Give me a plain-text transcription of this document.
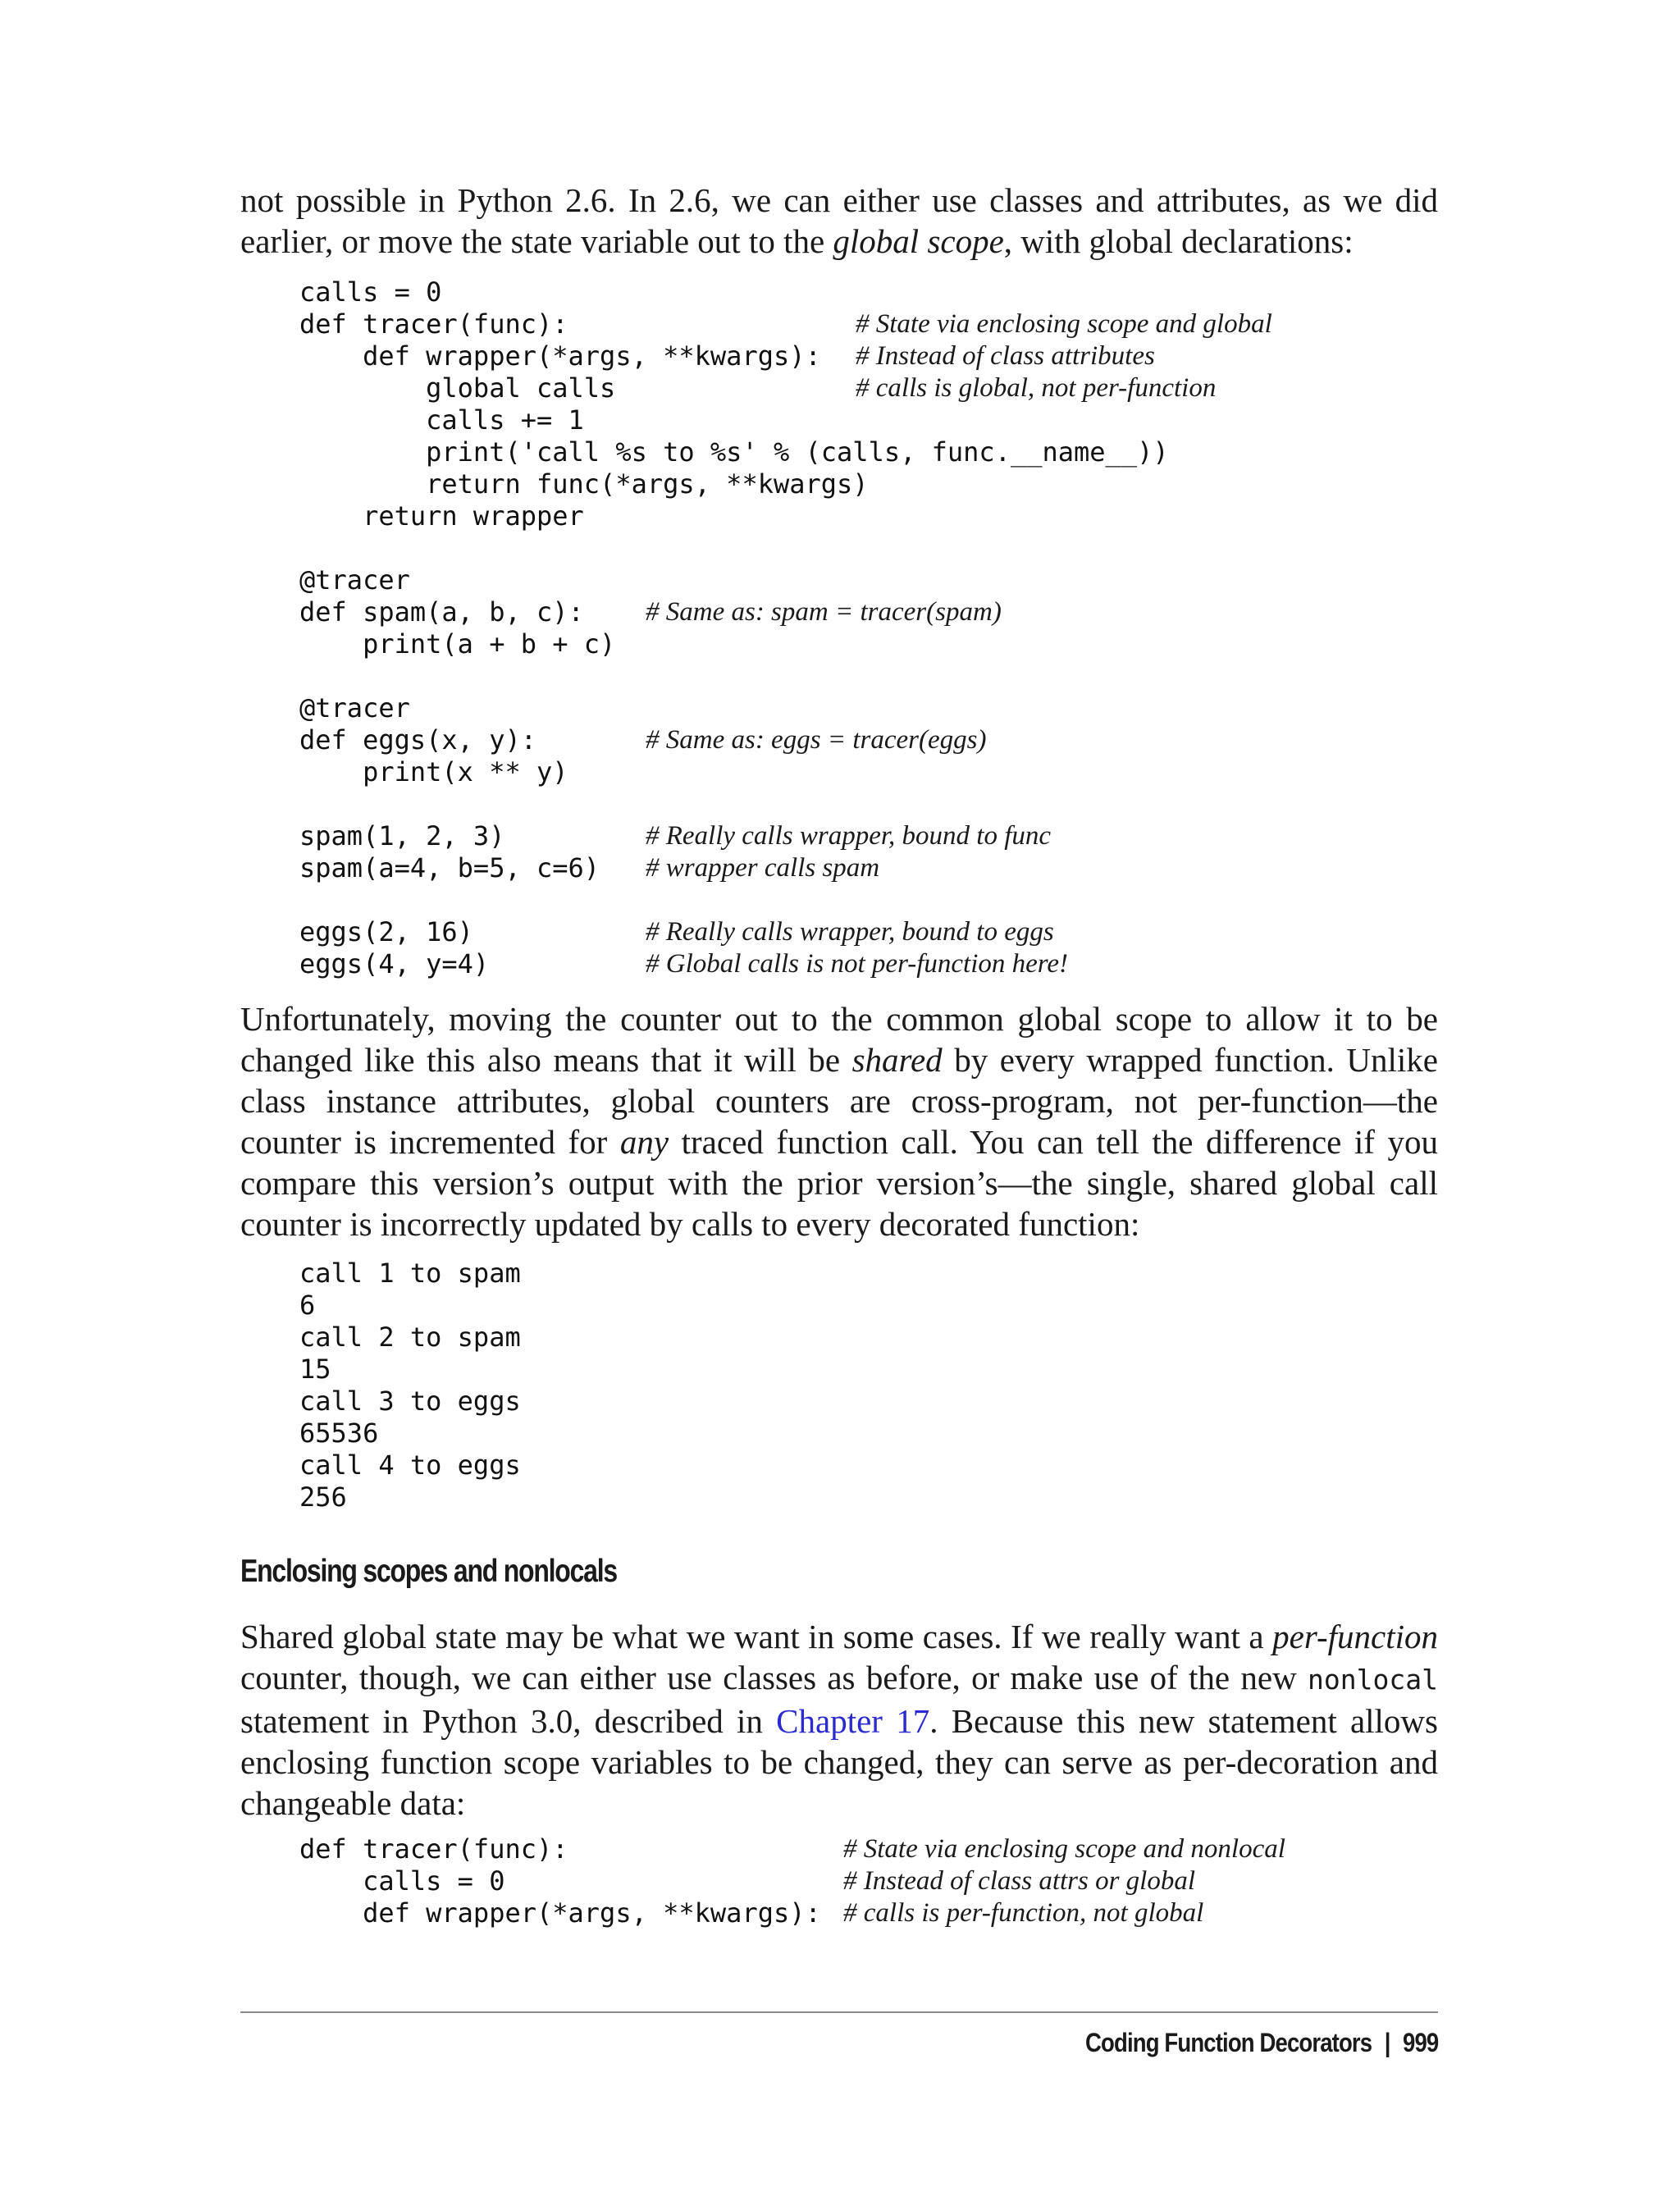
not possible in Python 2.6. In 2.6, we can either use classes and attributes, as we did earlier, or move the state variable out to the global scope, with global declarations:

calls = 0
def tracer(func):	# State via enclosing scope and global
def wrapper(*args, **kwargs): # Instead of class attributes
global calls	# calls is global, not per-function
calls += 1
print('call %s to %s' % (calls, func.__name__))
return func(*args, **kwargs)
return wrapper
@tracer
def spam(a, b, c): # Same as: spam = tracer(spam)
print(a + b + c)
@tracer
def eggs(x, y):	# Same as: eggs = tracer(eggs)
print(x ** y)
spam(1, 2, 3)	# Really calls wrapper, bound to func
spam(a=4, b=5, c=6) # wrapper calls spam
eggs(2, 16)	# Really calls wrapper, bound to eggs
eggs(4, y=4)	# Global calls is not per-function here!

Unfortunately, moving the counter out to the common global scope to allow it to be changed like this also means that it will be shared by every wrapped function. Unlike class instance attributes, global counters are cross-program, not per-function—the counter is incremented for any traced function call. You can tell the difference if you compare this version’s output with the prior version’s—the single, shared global call counter is incorrectly updated by calls to every decorated function:

call 1 to spam
6
call 2 to spam
15
call 3 to eggs
65536
call 4 to eggs
256
Enclosing scopes and nonlocals

Shared global state may be what we want in some cases. If we really want a per-function counter, though, we can either use classes as before, or make use of the new nonlocal statement in Python 3.0, described in Chapter 17. Because this new statement allows enclosing function scope variables to be changed, they can serve as per-decoration and changeable data:

def tracer(func):	# State via enclosing scope and nonlocal
calls = 0	# Instead of class attrs or global
def wrapper(*args, **kwargs): # calls is per-function, not global
Coding Function Decorators | 999
